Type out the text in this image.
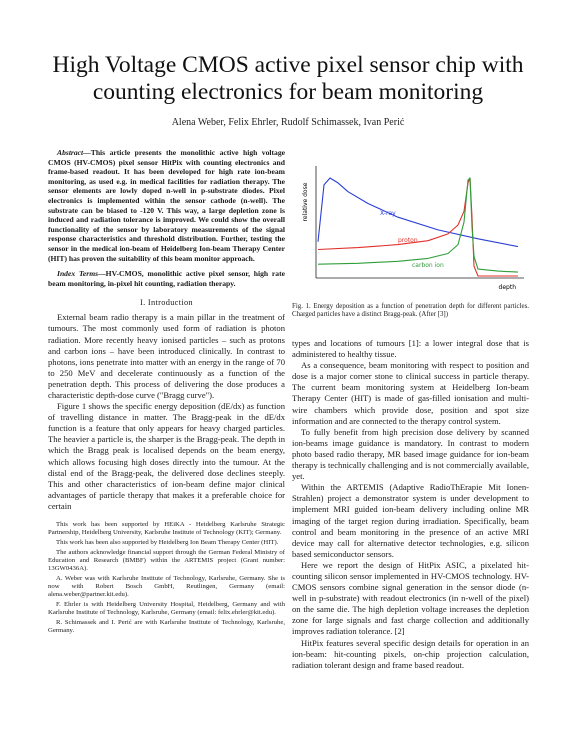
High Voltage CMOS active pixel sensor chip with counting electronics for beam monitoring
Alena Weber, Felix Ehrler, Rudolf Schimassek, Ivan Perić

Abstract—This article presents the monolithic active high voltage CMOS (HV-CMOS) pixel sensor HitPix with counting electronics and frame-based readout. It has been developed for high rate ion-beam monitoring, as used e.g. in medical facilities for radiation therapy. The sensor elements are lowly doped n-well in p-substrate diodes. Pixel electronics is implemented within the sensor cathode (n-well). The substrate can be biased to -120 V. This way, a large depletion zone is induced and radiation tolerance is improved. We could show the overall functionality of the sensor by laboratory measurements of the signal response characteristics and threshold distribution. Further, testing the sensor in the medical ion-beam of Heidelberg Ion-beam Therapy Center (HIT) has proven the suitability of this beam monitor approach.

Index Terms—HV-CMOS, monolithic active pixel sensor, high rate beam monitoring, in-pixel hit counting, radiation therapy.

I. Introduction

External beam radio therapy is a main pillar in the treatment of tumours. The most commonly used form of radiation is photon radiation. More recently heavy ionised particles – such as protons and carbon ions – have been introduced clinically. In contrast to photons, ions penetrate into matter with an energy in the range of 70 to 250 MeV and decelerate continuously as a function of the penetration depth. This process of delivering the dose produces a characteristic depth-dose curve ("Bragg curve").

Figure 1 shows the specific energy deposition (dE/dx) as function of travelling distance in matter. The Bragg-peak in the dE/dx function is a feature that only appears for heavy charged particles. The heavier a particle is, the sharper is the Bragg-peak. The depth in which the Bragg peak is localised depends on the beam energy, which allows focusing high doses directly into the tumour. At the distal end of the Bragg-peak, the delivered dose declines steeply. This and other characteristics of ion-beam define major clinical advantages of particle therapy that makes it a preferable choice for certain

This work has been supported by HEiKA - Heidelberg Karlsruhe Strategic Partnership, Heidelberg University, Karlsruhe Institute of Technology (KIT); Germany.

This work has been also supported by Heidelberg Ion Beam Therapy Center (HIT).

The authors acknowledge financial support through the German Federal Ministry of Education and Research (BMBF) within the ARTEMIS project (Grant number: 13GW0436A).

A. Weber was with Karlsruhe Institute of Technology, Karlsruhe, Germany. She is now with Robert Bosch GmbH, Reutlingen, Germany (email: alena.weber@partner.kit.edu).

F. Ehrler is with Heidelberg University Hospital, Heidelberg, Germany and with Karlsruhe Institute of Technology, Karlsruhe, Germany (email: felix.ehrler@kit.edu).

R. Schimassek and I. Perić are with Karlsruhe Institute of Technology, Karlsruhe, Germany.

relative dose
depth
X-ray
proton
carbon ion

Fig. 1. Energy deposition as a function of penetration depth for different particles. Charged particles have a distinct Bragg-peak. (After [3])

types and locations of tumours [1]: a lower integral dose that is administered to healthy tissue.

As a consequence, beam monitoring with respect to position and dose is a major corner stone to clinical success in particle therapy. The current beam monitoring system at Heidelberg Ion-beam Therapy Center (HIT) is made of gas-filled ionisation and multi-wire chambers which provide dose, position and spot size information and are connected to the therapy control system.

To fully benefit from high precision dose delivery by scanned ion-beams image guidance is mandatory. In contrast to modern photo based radio therapy, MR based image guidance for ion-beam therapy is technically challenging and is not commercially available, yet.

Within the ARTEMIS (Adaptive RadioThErapie Mit Ionen-Strahlen) project a demonstrator system is under development to implement MRI guided ion-beam delivery including online MR imaging of the target region during irradiation. Specifically, beam control and beam monitoring in the presence of an active MRI device may call for alternative detector technologies, e.g. silicon based semiconductor sensors.

Here we report the design of HitPix ASIC, a pixelated hit-counting silicon sensor implemented in HV-CMOS technology. HV-CMOS sensors combine signal generation in the sensor diode (n-well in p-substrate) with readout electronics (in n-well of the pixel) on the same die. The high depletion voltage increases the depletion zone for large signals and fast charge collection and additionally improves radiation tolerance. [2]

HitPix features several specific design details for operation in an ion-beam: hit-counting pixels, on-chip projection calculation, radiation tolerant design and frame based readout.
